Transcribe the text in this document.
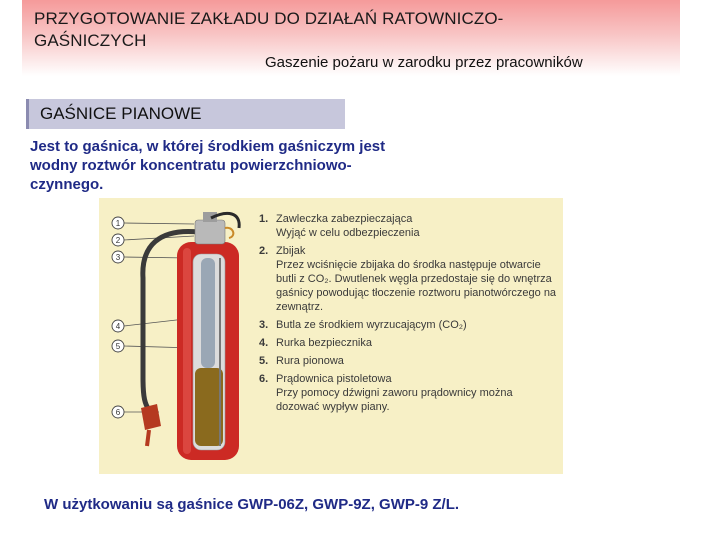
PRZYGOTOWANIE ZAKŁADU DO DZIAŁAŃ RATOWNICZO-GAŚNICZYCH
Gaszenie pożaru w zarodku przez pracowników
GAŚNICE PIANOWE

Jest to gaśnica, w której środkiem gaśniczym jest wodny roztwór koncentratu powierzchniowo-czynnego.

1
2
3
4
5
6
1. Zawleczka zabezpieczająca
Wyjąć w celu odbezpieczenia
2. Zbijak
Przez wciśnięcie zbijaka do środka następuje otwarcie butli z CO₂. Dwutlenek węgla przedostaje się do wnętrza gaśnicy powodując tłoczenie roztworu pianotwórczego na zewnątrz.
3. Butla ze środkiem wyrzucającym (CO₂)
4. Rurka bezpiecznika
5. Rura pionowa
6. Prądownica pistoletowa
Przy pomocy dźwigni zaworu prądownicy można dozować wypływ piany.
W użytkowaniu są gaśnice GWP-06Z, GWP-9Z, GWP-9 Z/L.
